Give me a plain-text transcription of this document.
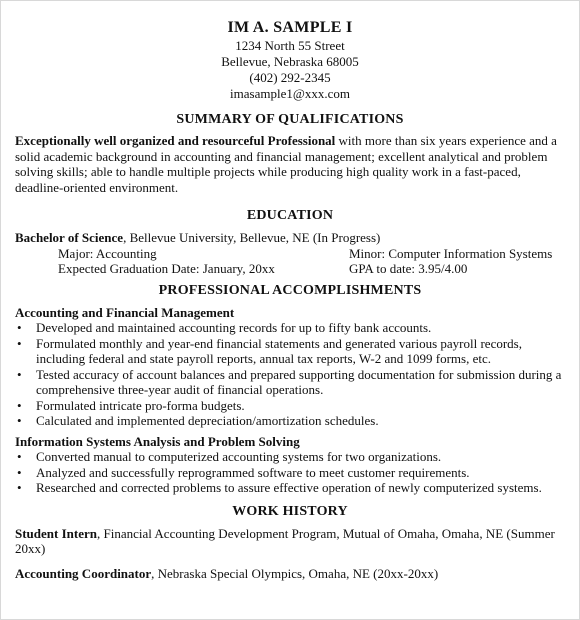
IM A. SAMPLE I
1234 North 55 Street
Bellevue, Nebraska 68005
(402) 292-2345
imasample1@xxx.com
SUMMARY OF QUALIFICATIONS

Exceptionally well organized and resourceful Professional with more than six years experience and a solid academic background in accounting and financial management; excellent analytical and problem solving skills; able to handle multiple projects while producing high quality work in a fast-paced, deadline-oriented environment.

EDUCATION
Bachelor of Science, Bellevue University, Bellevue, NE (In Progress)
Major: Accounting	Minor: Computer Information Systems
Expected Graduation Date: January, 20xx	GPA to date: 3.95/4.00
PROFESSIONAL ACCOMPLISHMENTS
Accounting and Financial Management
• Developed and maintained accounting records for up to fifty bank accounts.
• Formulated monthly and year-end financial statements and generated various payroll records, including federal and state payroll reports, annual tax reports, W-2 and 1099 forms, etc.
• Tested accuracy of account balances and prepared supporting documentation for submission during a comprehensive three-year audit of financial operations.
• Formulated intricate pro-forma budgets.
• Calculated and implemented depreciation/amortization schedules.
Information Systems Analysis and Problem Solving
• Converted manual to computerized accounting systems for two organizations.
• Analyzed and successfully reprogrammed software to meet customer requirements.
• Researched and corrected problems to assure effective operation of newly computerized systems.
WORK HISTORY
Student Intern, Financial Accounting Development Program, Mutual of Omaha, Omaha, NE (Summer 20xx)
Accounting Coordinator, Nebraska Special Olympics, Omaha, NE (20xx-20xx)
